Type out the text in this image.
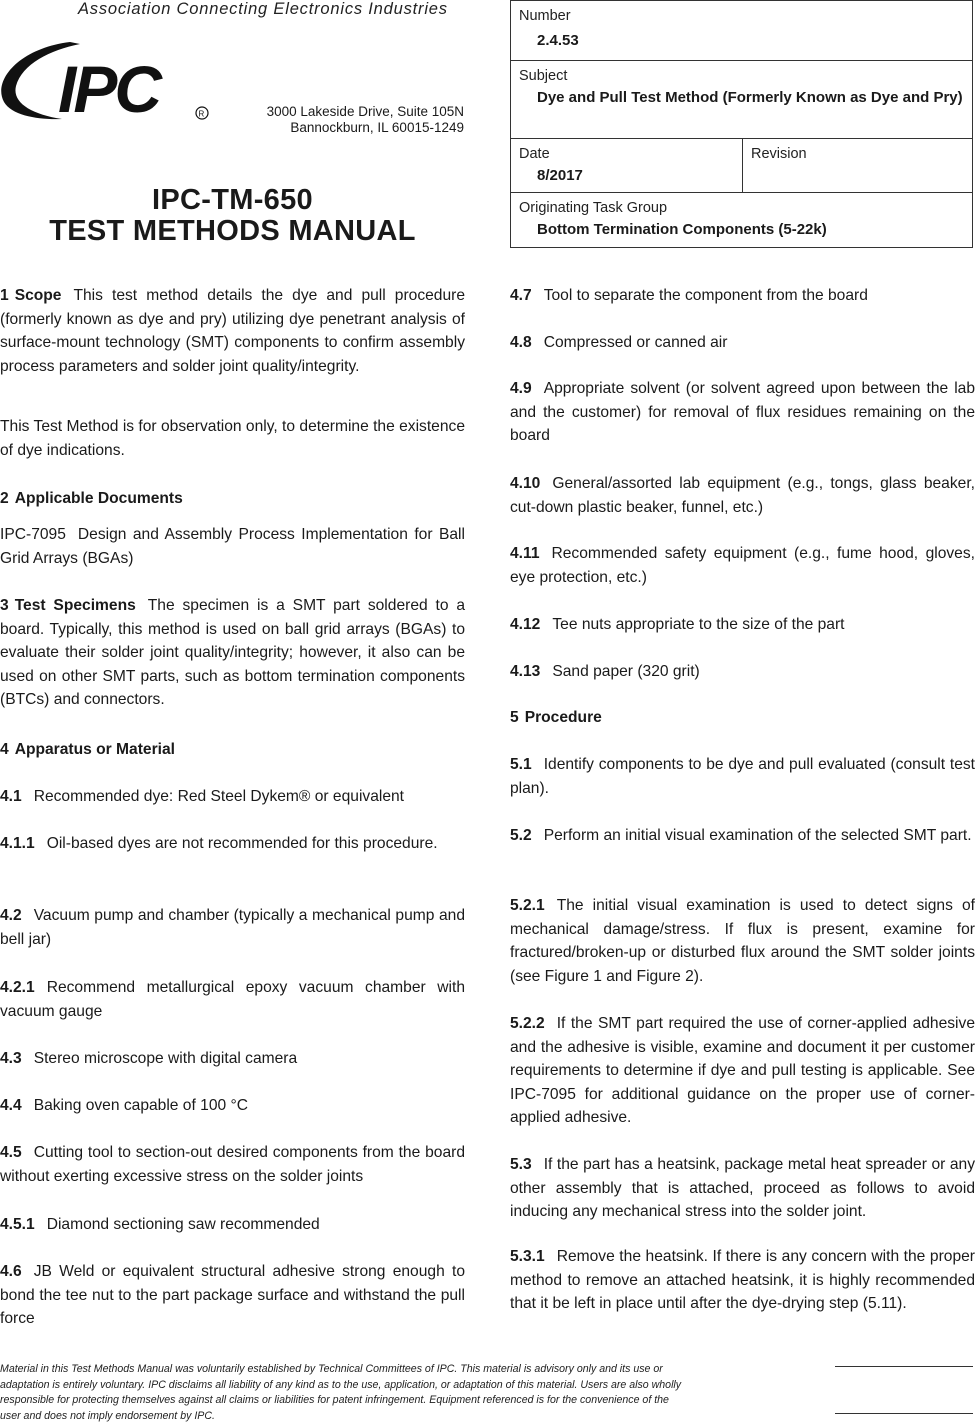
Association Connecting Electronics Industries
IPC	R	3000 Lakeside Drive, Suite 105N
Bannockburn, IL 60015-1249
IPC-TM-650
TEST METHODS MANUAL
Number
2.4.53
Subject
Dye and Pull Test Method (Formerly Known as Dye and Pry)
Date
8/2017
Revision
Originating Task Group
Bottom Termination Components (5-22k)
1 Scope This test method details the dye and pull procedure (formerly known as dye and pry) utilizing dye penetrant analysis of surface-mount technology (SMT) components to confirm assembly process parameters and solder joint quality/integrity.
This Test Method is for observation only, to determine the existence of dye indications.
2 Applicable Documents
IPC-7095 Design and Assembly Process Implementation for Ball Grid Arrays (BGAs)
3 Test Specimens The specimen is a SMT part soldered to a board. Typically, this method is used on ball grid arrays (BGAs) to evaluate their solder joint quality/integrity; however, it also can be used on other SMT parts, such as bottom termination components (BTCs) and connectors.
4 Apparatus or Material
4.1 Recommended dye: Red Steel Dykem® or equivalent
4.1.1 Oil-based dyes are not recommended for this procedure.
4.2 Vacuum pump and chamber (typically a mechanical pump and bell jar)
4.2.1 Recommend metallurgical epoxy vacuum chamber with vacuum gauge
4.3 Stereo microscope with digital camera
4.4 Baking oven capable of 100 °C
4.5 Cutting tool to section-out desired components from the board without exerting excessive stress on the solder joints
4.5.1 Diamond sectioning saw recommended
4.6 JB Weld or equivalent structural adhesive strong enough to bond the tee nut to the part package surface and withstand the pull force
4.7 Tool to separate the component from the board
4.8 Compressed or canned air
4.9 Appropriate solvent (or solvent agreed upon between the lab and the customer) for removal of flux residues remaining on the board
4.10 General/assorted lab equipment (e.g., tongs, glass beaker, cut-down plastic beaker, funnel, etc.)
4.11 Recommended safety equipment (e.g., fume hood, gloves, eye protection, etc.)
4.12 Tee nuts appropriate to the size of the part
4.13 Sand paper (320 grit)
5 Procedure
5.1 Identify components to be dye and pull evaluated (consult test plan).
5.2 Perform an initial visual examination of the selected SMT part.
5.2.1 The initial visual examination is used to detect signs of mechanical damage/stress. If flux is present, examine for fractured/broken-up or disturbed flux around the SMT solder joints (see Figure 1 and Figure 2).
5.2.2 If the SMT part required the use of corner-applied adhesive and the adhesive is visible, examine and document it per customer requirements to determine if dye and pull testing is applicable. See IPC-7095 for additional guidance on the proper use of corner-applied adhesive.
5.3 If the part has a heatsink, package metal heat spreader or any other assembly that is attached, proceed as follows to avoid inducing any mechanical stress into the solder joint.
5.3.1 Remove the heatsink. If there is any concern with the proper method to remove an attached heatsink, it is highly recommended that it be left in place until after the dye-drying step (5.11).
Material in this Test Methods Manual was voluntarily established by Technical Committees of IPC. This material is advisory only and its use or adaptation is entirely voluntary. IPC disclaims all liability of any kind as to the use, application, or adaptation of this material. Users are also wholly responsible for protecting themselves against all claims or liabilities for patent infringement. Equipment referenced is for the convenience of the user and does not imply endorsement by IPC.
